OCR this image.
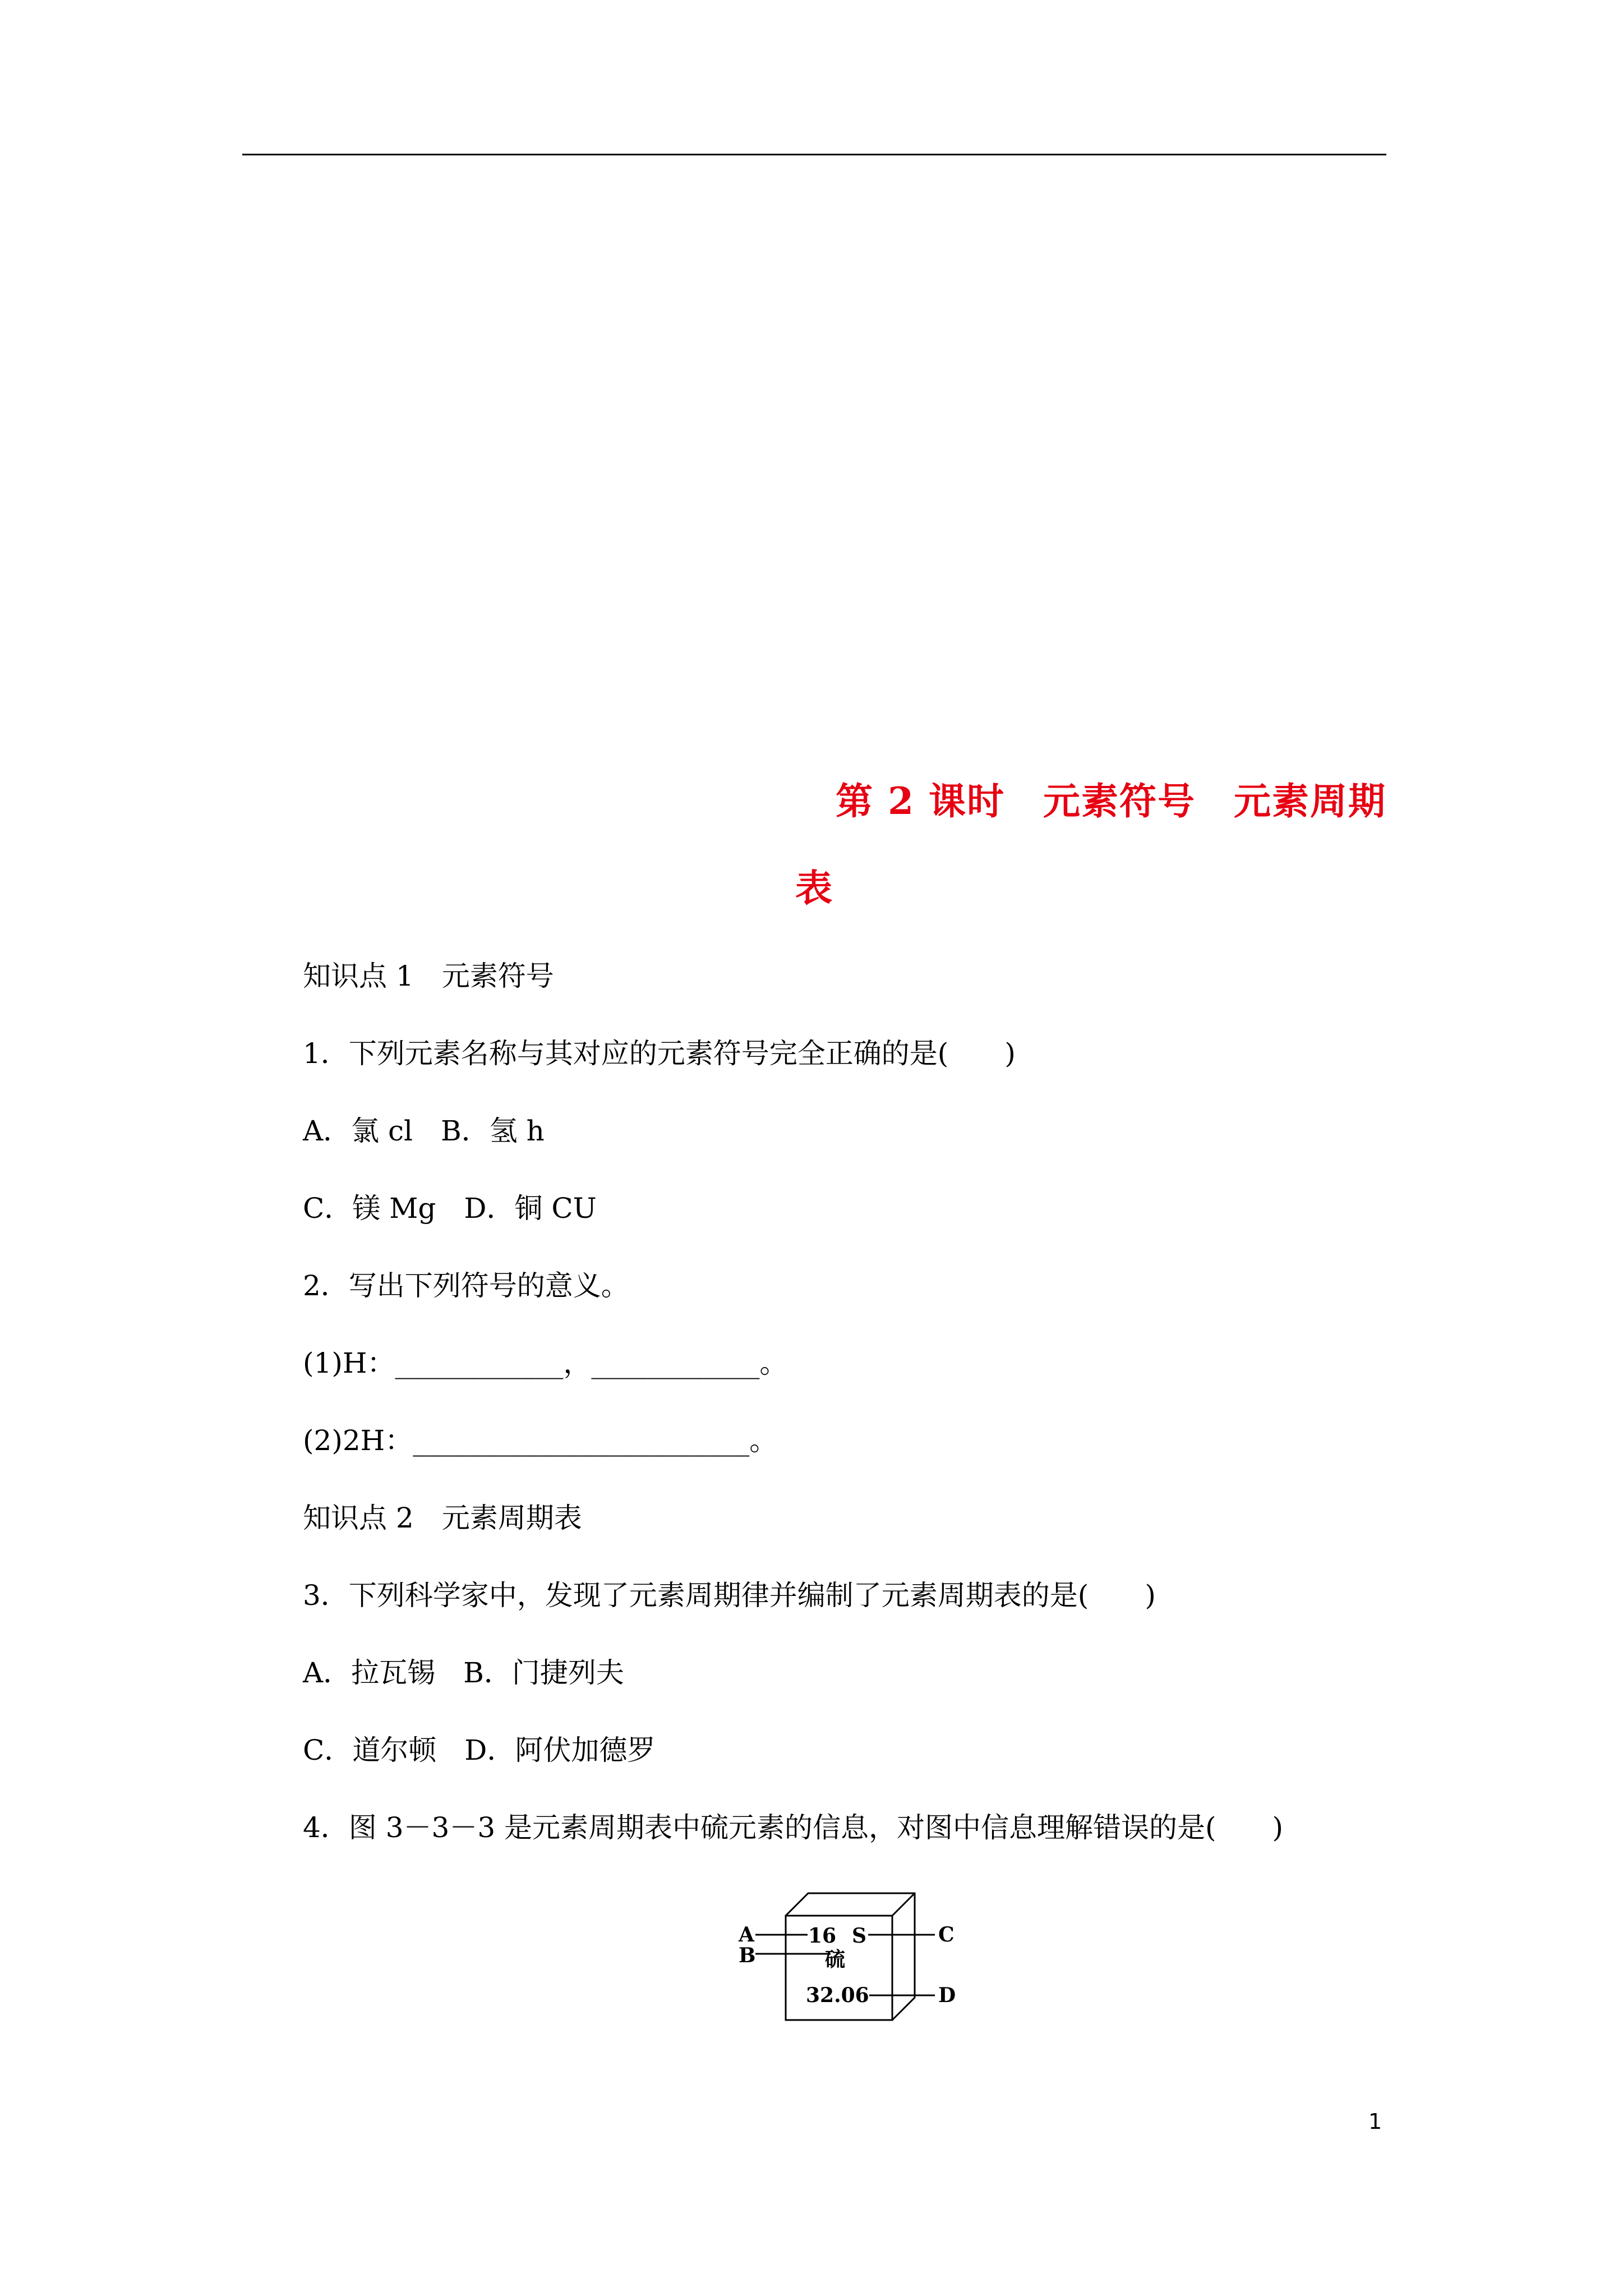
第 2 课时　元素符号　元素周期
表
知识点 1　元素符号
1．下列元素名称与其对应的元素符号完全正确的是(　　)
A．氯 cl　B．氢 h
C．镁 Mg　D．铜 CU
2．写出下列符号的意义。
(1)H：____________，____________。
(2)2H：________________________。
知识点 2　元素周期表
3．下列科学家中，发现了元素周期律并编制了元素周期表的是(　　)
A．拉瓦锡　B．门捷列夫
C．道尔顿　D．阿伏加德罗
4．图 3－3－3 是元素周期表中硫元素的信息，对图中信息理解错误的是(　　)
A
B
C
D
16 S
硫
32.06
1
